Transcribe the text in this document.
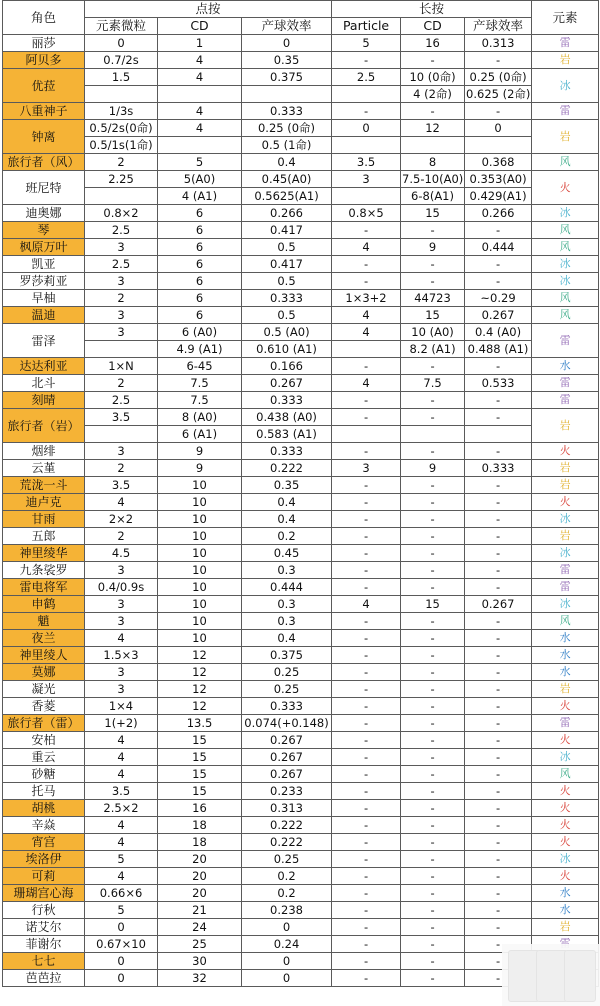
角色	点按			长按			元素
	元素微粒	CD	产球效率	Particle	CD	产球效率	
丽莎	0	1	0	5	16	0.313	雷
阿贝多	0.7/2s	4	0.35	-	-	-	岩
优菈	1.5	4	0.375	2.5	10 (0命)	0.25 (0命)	冰
					4 (2命)	0.625 (2命)	
八重神子	1/3s	4	0.333	-	-	-	雷
钟离	0.5/2s(0命)	4	0.25 (0命)	0	12	0	岩
	0.5/1s(1命)		0.5 (1命)				
旅行者（风）	2	5	0.4	3.5	8	0.368	风
班尼特	2.25	5(A0)	0.45(A0)	3	7.5-10(A0)	0.353(A0)	火
		4 (A1)	0.5625(A1)		6-8(A1)	0.429(A1)	
迪奥娜	0.8×2	6	0.266	0.8×5	15	0.266	冰
琴	2.5	6	0.417	-	-	-	风
枫原万叶	3	6	0.5	4	9	0.444	风
凯亚	2.5	6	0.417	-	-	-	冰
罗莎莉亚	3	6	0.5	-	-	-	冰
早柚	2	6	0.333	1×3+2	44723	~0.29	风
温迪	3	6	0.5	4	15	0.267	风
雷泽	3	6 (A0)	0.5 (A0)	4	10 (A0)	0.4 (A0)	雷
		4.9 (A1)	0.610 (A1)		8.2 (A1)	0.488 (A1)	
达达利亚	1×N	6-45	0.166	-	-	-	水
北斗	2	7.5	0.267	4	7.5	0.533	雷
刻晴	2.5	7.5	0.333	-	-	-	雷
旅行者（岩）	3.5	8 (A0)	0.438 (A0)	-	-	-	岩
		6 (A1)	0.583 (A1)				
烟绯	3	9	0.333	-	-	-	火
云堇	2	9	0.222	3	9	0.333	岩
荒泷一斗	3.5	10	0.35	-	-	-	岩
迪卢克	4	10	0.4	-	-	-	火
甘雨	2×2	10	0.4	-	-	-	冰
五郎	2	10	0.2	-	-	-	岩
神里绫华	4.5	10	0.45	-	-	-	冰
九条裟罗	3	10	0.3	-	-	-	雷
雷电将军	0.4/0.9s	10	0.444	-	-	-	雷
申鹤	3	10	0.3	4	15	0.267	冰
魈	3	10	0.3	-	-	-	风
夜兰	4	10	0.4	-	-	-	水
神里绫人	1.5×3	12	0.375	-	-	-	水
莫娜	3	12	0.25	-	-	-	水
凝光	3	12	0.25	-	-	-	岩
香菱	1×4	12	0.333	-	-	-	火
旅行者（雷）	1(+2)	13.5	0.074(+0.148)	-	-	-	雷
安柏	4	15	0.267	-	-	-	火
重云	4	15	0.267	-	-	-	冰
砂糖	4	15	0.267	-	-	-	风
托马	3.5	15	0.233	-	-	-	火
胡桃	2.5×2	16	0.313	-	-	-	火
辛焱	4	18	0.222	-	-	-	火
宵宫	4	18	0.222	-	-	-	火
埃洛伊	5	20	0.25	-	-	-	冰
可莉	4	20	0.2	-	-	-	火
珊瑚宫心海	0.66×6	20	0.2	-	-	-	水
行秋	5	21	0.238	-	-	-	水
诺艾尔	0	24	0	-	-	-	岩
菲谢尔	0.67×10	25	0.24	-	-	-	
七七	0	30	0	-	-	-	
芭芭拉	0	32	0	-	-	-	
